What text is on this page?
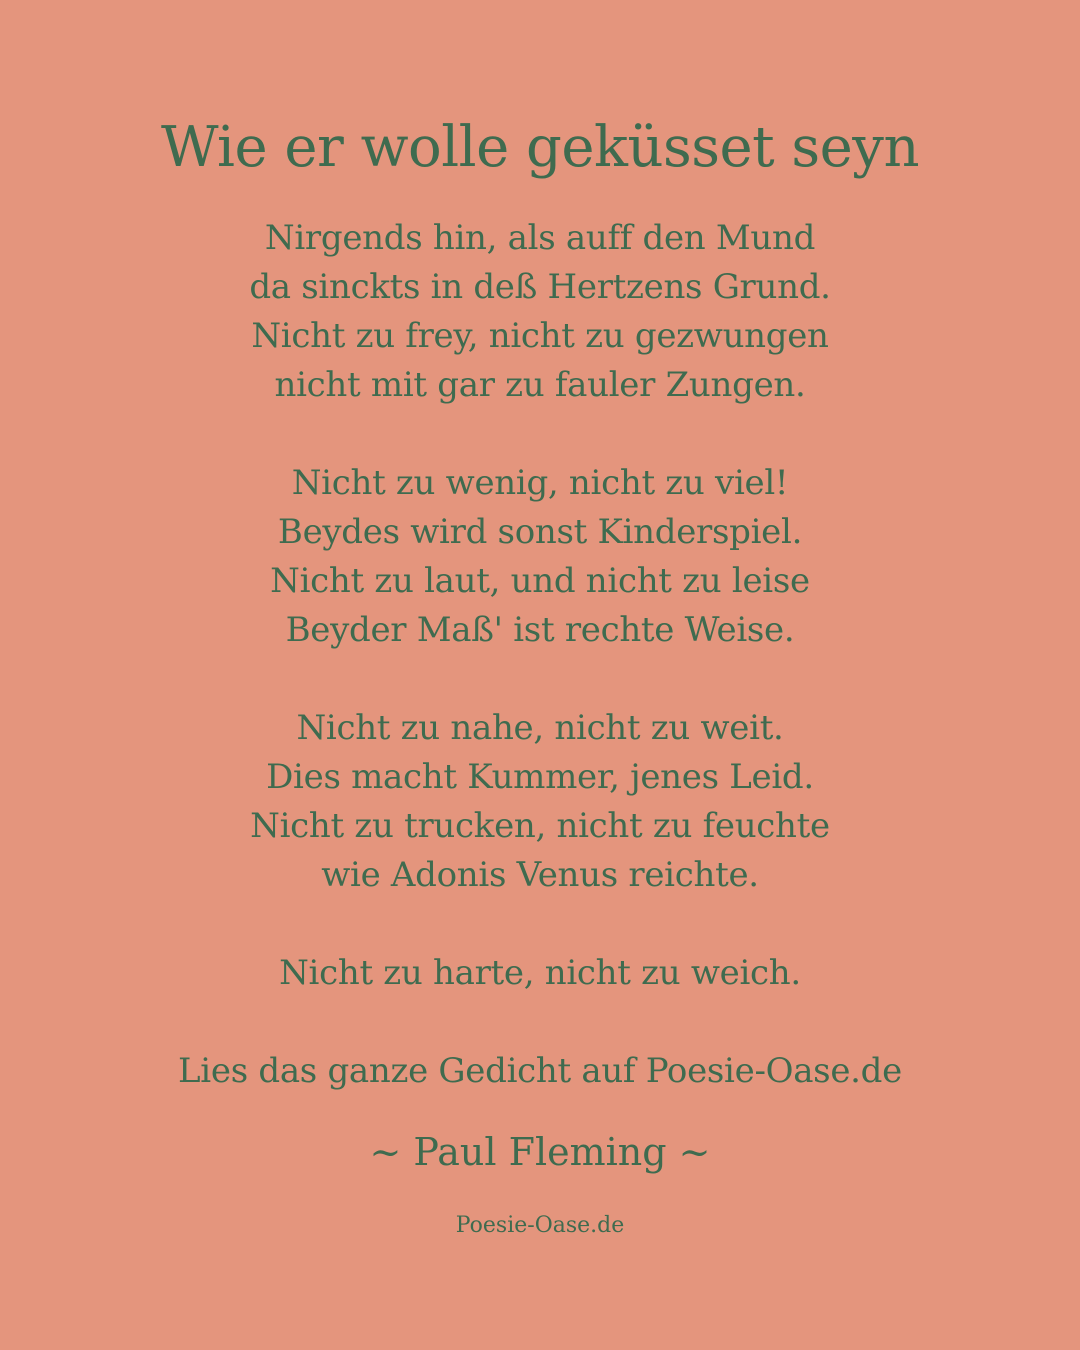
Wie er wolle geküsset seyn
Nirgends hin, als auff den Mund
da sinckts in deß Hertzens Grund.
Nicht zu frey, nicht zu gezwungen
nicht mit gar zu fauler Zungen.
Nicht zu wenig, nicht zu viel!
Beydes wird sonst Kinderspiel.
Nicht zu laut, und nicht zu leise
Beyder Maß' ist rechte Weise.
Nicht zu nahe, nicht zu weit.
Dies macht Kummer, jenes Leid.
Nicht zu trucken, nicht zu feuchte
wie Adonis Venus reichte.
Nicht zu harte, nicht zu weich.
Lies das ganze Gedicht auf Poesie-Oase.de
~ Paul Fleming ~
Poesie-Oase.de
